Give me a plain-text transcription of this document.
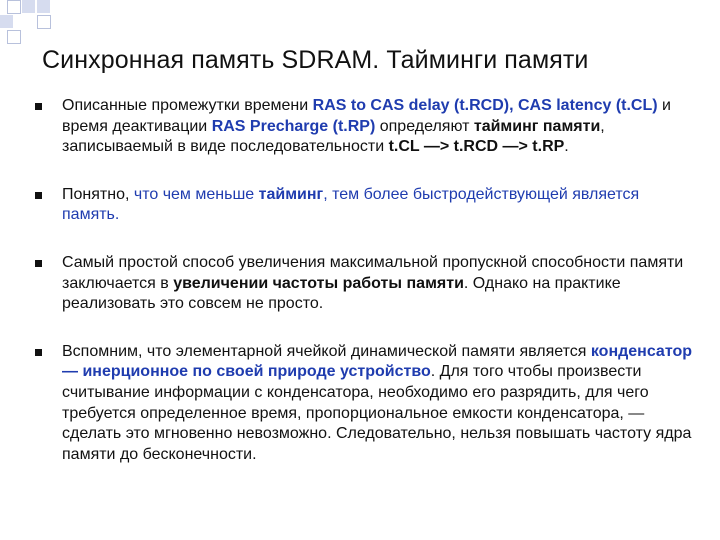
Синхронная память SDRAM. Тайминги памяти
Описанные промежутки времени RAS to CAS delay (t.RCD), CAS latency (t.CL) и время деактивации RAS Precharge (t.RP) определяют тайминг памяти, записываемый в виде последовательности t.CL —> t.RCD —> t.RP.
Понятно, что чем меньше тайминг, тем более быстродействующей является память.
Самый простой способ увеличения максимальной пропускной способности памяти заключается в увеличении частоты работы памяти. Однако на практике реализовать это совсем не просто.
Вспомним, что элементарной ячейкой динамической памяти является конденсатор — инерционное по своей природе устройство. Для того чтобы произвести считывание информации с конденсатора, необходимо его разрядить, для чего требуется определенное время, пропорциональное емкости конденсатора, — сделать это мгновенно невозможно. Следовательно, нельзя повышать частоту ядра памяти до бесконечности.
